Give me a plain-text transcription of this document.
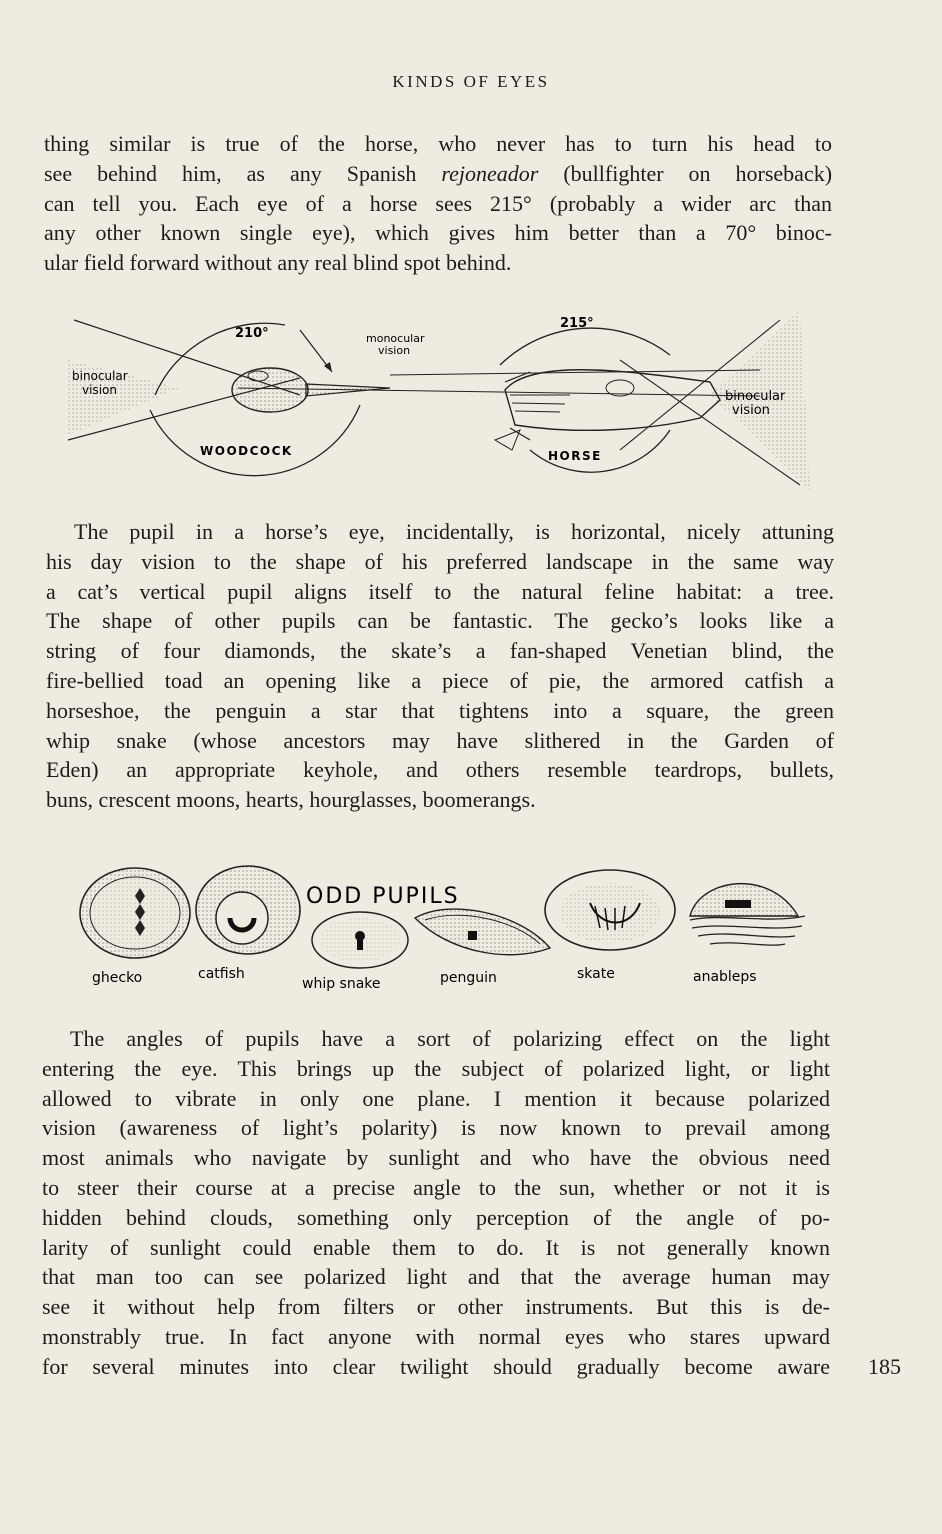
KINDS OF EYES
thing similar is true of the horse, who never has to turn his head to
see behind him, as any Spanish rejoneador (bullfighter on horseback)
can tell you. Each eye of a horse sees 215° (probably a wider arc than
any other known single eye), which gives him better than a 70° binoc-
ular field forward without any real blind spot behind.
210°
215°
monocular
vision
binocular
vision	binocular
vision
WOODCOCK	HORSE
The pupil in a horse’s eye, incidentally, is horizontal, nicely attuning
his day vision to the shape of his preferred landscape in the same way
a cat’s vertical pupil aligns itself to the natural feline habitat: a tree.
The shape of other pupils can be fantastic. The gecko’s looks like a
string of four diamonds, the skate’s a fan-shaped Venetian blind, the
fire-bellied toad an opening like a piece of pie, the armored catfish a
horseshoe, the penguin a star that tightens into a square, the green
whip snake (whose ancestors may have slithered in the Garden of
Eden) an appropriate keyhole, and others resemble teardrops, bullets,
buns, crescent moons, hearts, hourglasses, boomerangs.
ODD PUPILS
ghecko	catfish
whip snake	penguin	skate	anableps
The angles of pupils have a sort of polarizing effect on the light
entering the eye. This brings up the subject of polarized light, or light
allowed to vibrate in only one plane. I mention it because polarized
vision (awareness of light’s polarity) is now known to prevail among
most animals who navigate by sunlight and who have the obvious need
to steer their course at a precise angle to the sun, whether or not it is
hidden behind clouds, something only perception of the angle of po-
larity of sunlight could enable them to do. It is not generally known
that man too can see polarized light and that the average human may
see it without help from filters or other instruments. But this is de-
monstrably true. In fact anyone with normal eyes who stares upward
for several minutes into clear twilight should gradually become aware 185
